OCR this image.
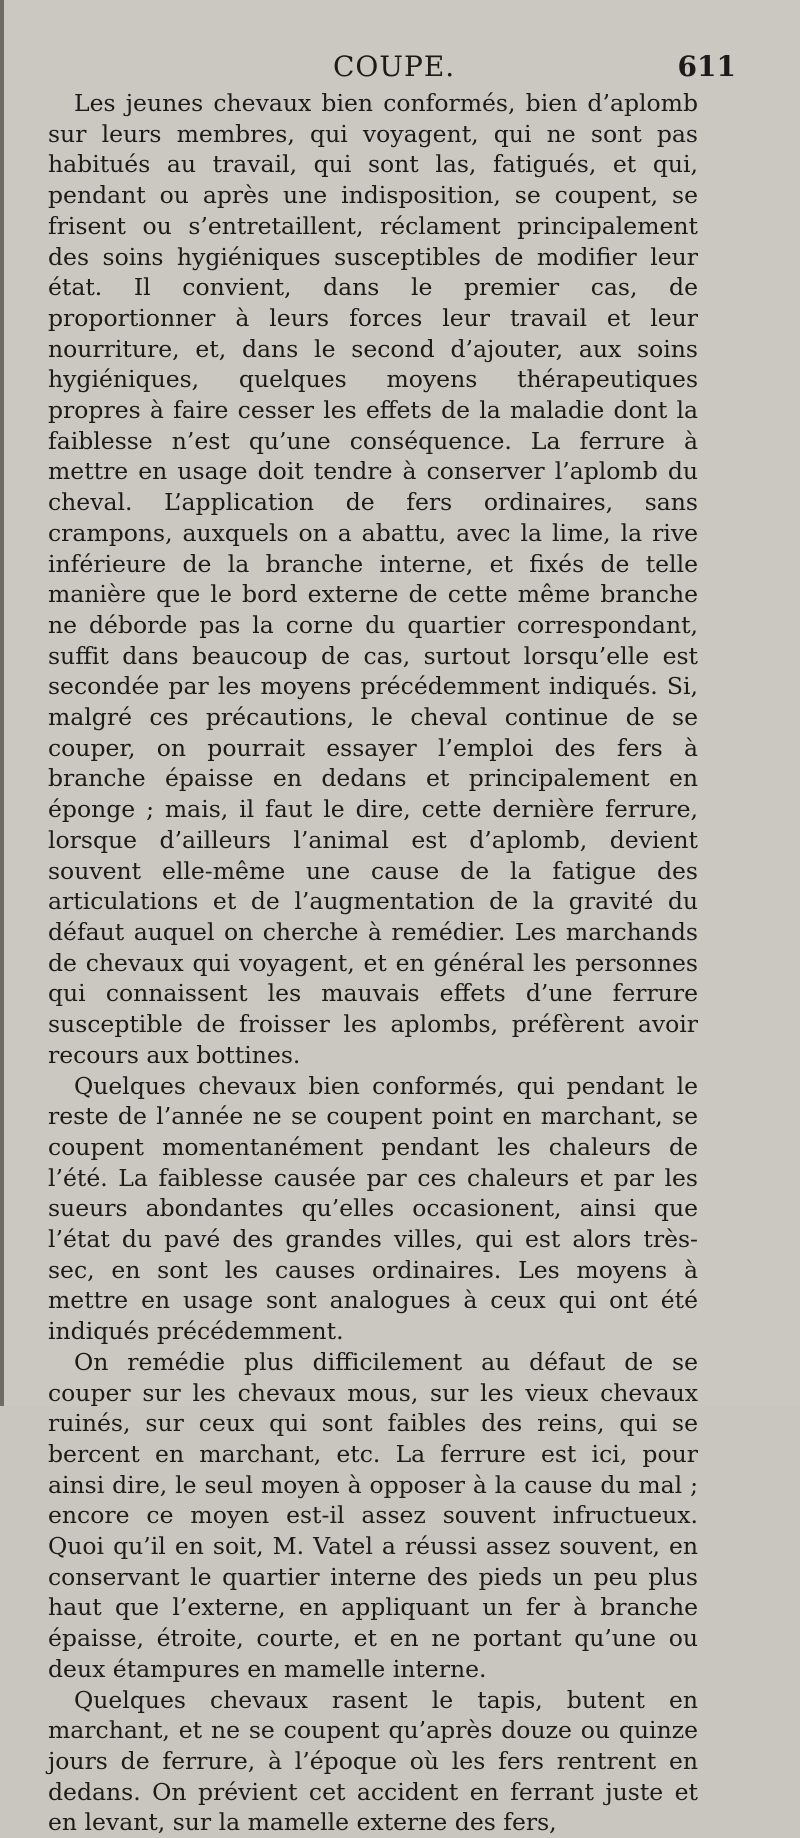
COUPE.	611

Les jeunes chevaux bien conformés, bien d’aplomb sur leurs membres, qui voyagent, qui ne sont pas habitués au travail, qui sont las, fatigués, et qui, pendant ou après une indisposition, se coupent, se frisent ou s’entretaillent, réclament principalement des soins hygiéniques susceptibles de modifier leur état. Il convient, dans le premier cas, de proportionner à leurs forces leur travail et leur nourriture, et, dans le second d’ajouter, aux soins hygiéniques, quelques moyens thérapeutiques propres à faire cesser les effets de la maladie dont la faiblesse n’est qu’une conséquence. La ferrure à mettre en usage doit tendre à conserver l’aplomb du cheval. L’application de fers ordinaires, sans crampons, auxquels on a abattu, avec la lime, la rive inférieure de la branche interne, et fixés de telle manière que le bord externe de cette même branche ne déborde pas la corne du quartier correspondant, suffit dans beaucoup de cas, surtout lorsqu’elle est secondée par les moyens précédemment indiqués. Si, malgré ces précautions, le cheval continue de se couper, on pourrait essayer l’emploi des fers à branche épaisse en dedans et principalement en éponge ; mais, il faut le dire, cette dernière ferrure, lorsque d’ailleurs l’animal est d’aplomb, devient souvent elle-même une cause de la fatigue des articulations et de l’augmentation de la gravité du défaut auquel on cherche à remédier. Les marchands de chevaux qui voyagent, et en général les personnes qui connaissent les mauvais effets d’une ferrure susceptible de froisser les aplombs, préfèrent avoir recours aux bottines.

Quelques chevaux bien conformés, qui pendant le reste de l’année ne se coupent point en marchant, se coupent momentanément pendant les chaleurs de l’été. La faiblesse causée par ces chaleurs et par les sueurs abondantes qu’elles occasionent, ainsi que l’état du pavé des grandes villes, qui est alors très-sec, en sont les causes ordinaires. Les moyens à mettre en usage sont analogues à ceux qui ont été indiqués précédemment.

On remédie plus difficilement au défaut de se couper sur les chevaux mous, sur les vieux chevaux ruinés, sur ceux qui sont faibles des reins, qui se bercent en marchant, etc. La ferrure est ici, pour ainsi dire, le seul moyen à opposer à la cause du mal ; encore ce moyen est-il assez souvent infructueux. Quoi qu’il en soit, M. Vatel a réussi assez souvent, en conservant le quartier interne des pieds un peu plus haut que l’externe, en appliquant un fer à branche épaisse, étroite, courte, et en ne portant qu’une ou deux étampures en mamelle interne.

Quelques chevaux rasent le tapis, butent en marchant, et ne se coupent qu’après douze ou quinze jours de ferrure, à l’époque où les fers rentrent en dedans. On prévient cet accident en ferrant juste et en levant, sur la mamelle externe des fers,
